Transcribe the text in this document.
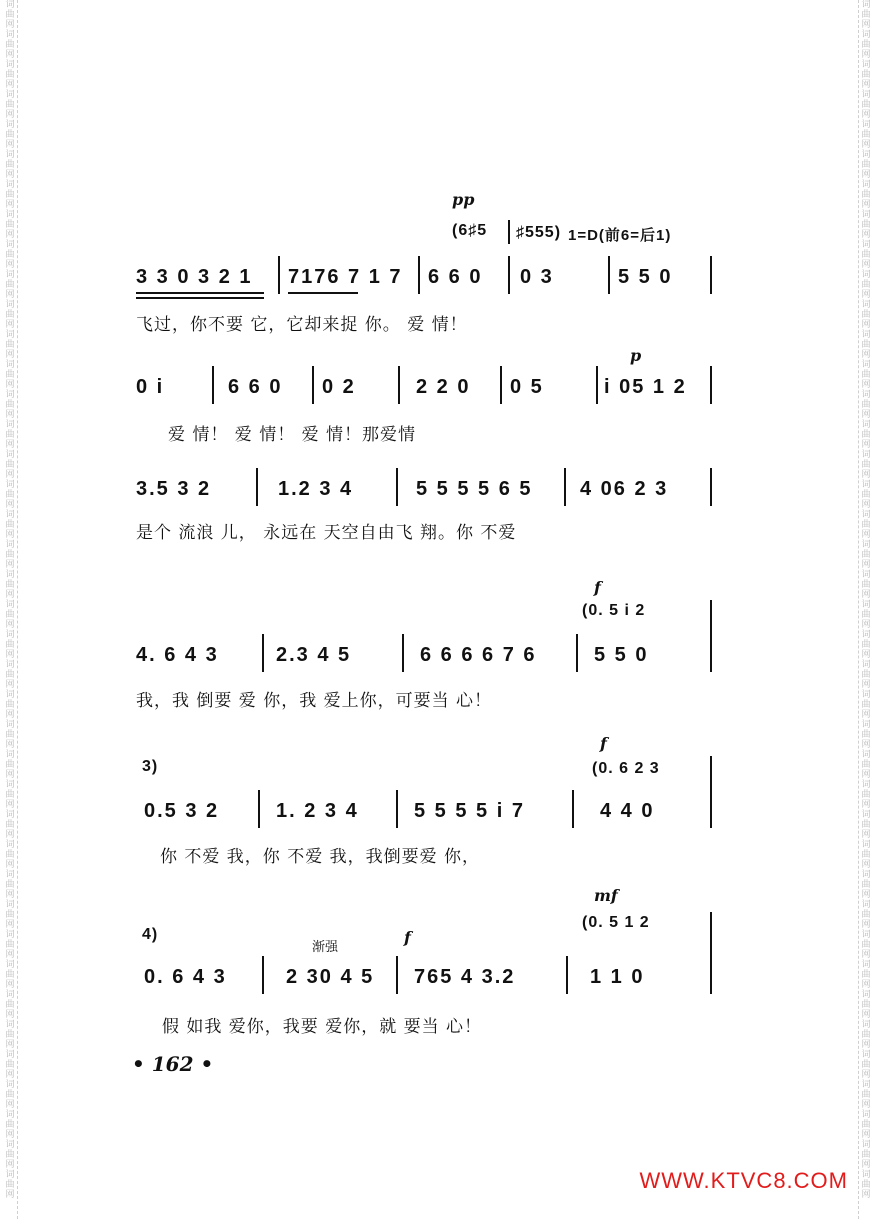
词曲网词曲网词曲网词曲网词曲网词曲网词曲网词曲网词曲网词曲网词曲网词曲网词曲网词曲网词曲网词曲网词曲网词曲网词曲网词曲网词曲网词曲网词曲网词曲网词曲网词曲网词曲网词曲网词曲网词曲网词曲网词曲网词曲网词曲网词曲网词曲网词曲网词曲网词曲网词曲网
词曲网词曲网词曲网词曲网词曲网词曲网词曲网词曲网词曲网词曲网词曲网词曲网词曲网词曲网词曲网词曲网词曲网词曲网词曲网词曲网词曲网词曲网词曲网词曲网词曲网词曲网词曲网词曲网词曲网词曲网词曲网词曲网词曲网词曲网词曲网词曲网词曲网词曲网词曲网词曲网
pp
(6♯5 ♯555) 1=D(前6=后1)
3 3 0 3 2 1 7176 7 1 7 6 6 0 0 3	5 5 0
飞过，你不要 它，它却来捉 你。 爱 情！
p
0 i	6 6 0 0 2	2 2 0 0 5	i 05 1 2
爱 情！ 爱 情！ 爱 情！那爱情
3.5 3 2	1.2 3 4	5 5 5 5 6 5 4 06 2 3
是个 流浪 儿， 永远在 天空自由飞 翔。你 不爱
f
(0. 5 i 2
4. 6 4 3	2.3 4 5	6 6 6 6 7 6	5 5 0
我，我 倒要 爱 你，我 爱上你，可要当 心！
3)
f
(0. 6 2 3
0.5 3 2	1. 2 3 4	5 5 5 5 i 7	4 4 0
你 不爱 我，你 不爱 我，我倒要爱 你，
4)
渐强
f
mf
(0. 5 1 2
0. 6 4 3	2 30 4 5 765 4 3.2	1 1 0
假 如我 爱你，我要 爱你，就 要当 心！
• 162 •
WWW.KTVC8.COM
